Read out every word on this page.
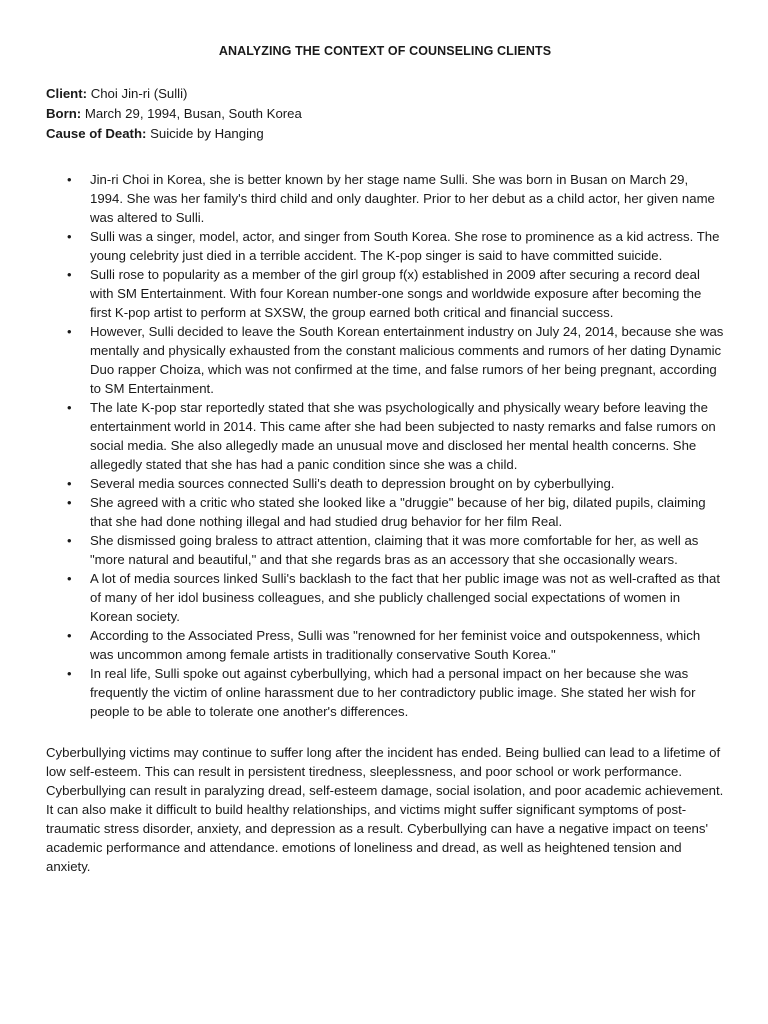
ANALYZING THE CONTEXT OF COUNSELING CLIENTS
Client: Choi Jin-ri (Sulli)
Born: March 29, 1994, Busan, South Korea
Cause of Death: Suicide by Hanging
• Jin-ri Choi in Korea, she is better known by her stage name Sulli. She was born in Busan on March 29, 1994. She was her family's third child and only daughter. Prior to her debut as a child actor, her given name was altered to Sulli.
• Sulli was a singer, model, actor, and singer from South Korea. She rose to prominence as a kid actress. The young celebrity just died in a terrible accident. The K-pop singer is said to have committed suicide.
• Sulli rose to popularity as a member of the girl group f(x) established in 2009 after securing a record deal with SM Entertainment. With four Korean number-one songs and worldwide exposure after becoming the first K-pop artist to perform at SXSW, the group earned both critical and financial success.
• However, Sulli decided to leave the South Korean entertainment industry on July 24, 2014, because she was mentally and physically exhausted from the constant malicious comments and rumors of her dating Dynamic Duo rapper Choiza, which was not confirmed at the time, and false rumors of her being pregnant, according to SM Entertainment.
• The late K-pop star reportedly stated that she was psychologically and physically weary before leaving the entertainment world in 2014. This came after she had been subjected to nasty remarks and false rumors on social media. She also allegedly made an unusual move and disclosed her mental health concerns. She allegedly stated that she has had a panic condition since she was a child.
• Several media sources connected Sulli's death to depression brought on by cyberbullying.
• She agreed with a critic who stated she looked like a "druggie" because of her big, dilated pupils, claiming that she had done nothing illegal and had studied drug behavior for her film Real.
• She dismissed going braless to attract attention, claiming that it was more comfortable for her, as well as "more natural and beautiful," and that she regards bras as an accessory that she occasionally wears.
• A lot of media sources linked Sulli's backlash to the fact that her public image was not as well-crafted as that of many of her idol business colleagues, and she publicly challenged social expectations of women in Korean society.
• According to the Associated Press, Sulli was "renowned for her feminist voice and outspokenness, which was uncommon among female artists in traditionally conservative South Korea."
• In real life, Sulli spoke out against cyberbullying, which had a personal impact on her because she was frequently the victim of online harassment due to her contradictory public image. She stated her wish for people to be able to tolerate one another's differences.

Cyberbullying victims may continue to suffer long after the incident has ended. Being bullied can lead to a lifetime of low self-esteem. This can result in persistent tiredness, sleeplessness, and poor school or work performance. Cyberbullying can result in paralyzing dread, self-esteem damage, social isolation, and poor academic achievement. It can also make it difficult to build healthy relationships, and victims might suffer significant symptoms of post-traumatic stress disorder, anxiety, and depression as a result. Cyberbullying can have a negative impact on teens' academic performance and attendance. emotions of loneliness and dread, as well as heightened tension and anxiety.
